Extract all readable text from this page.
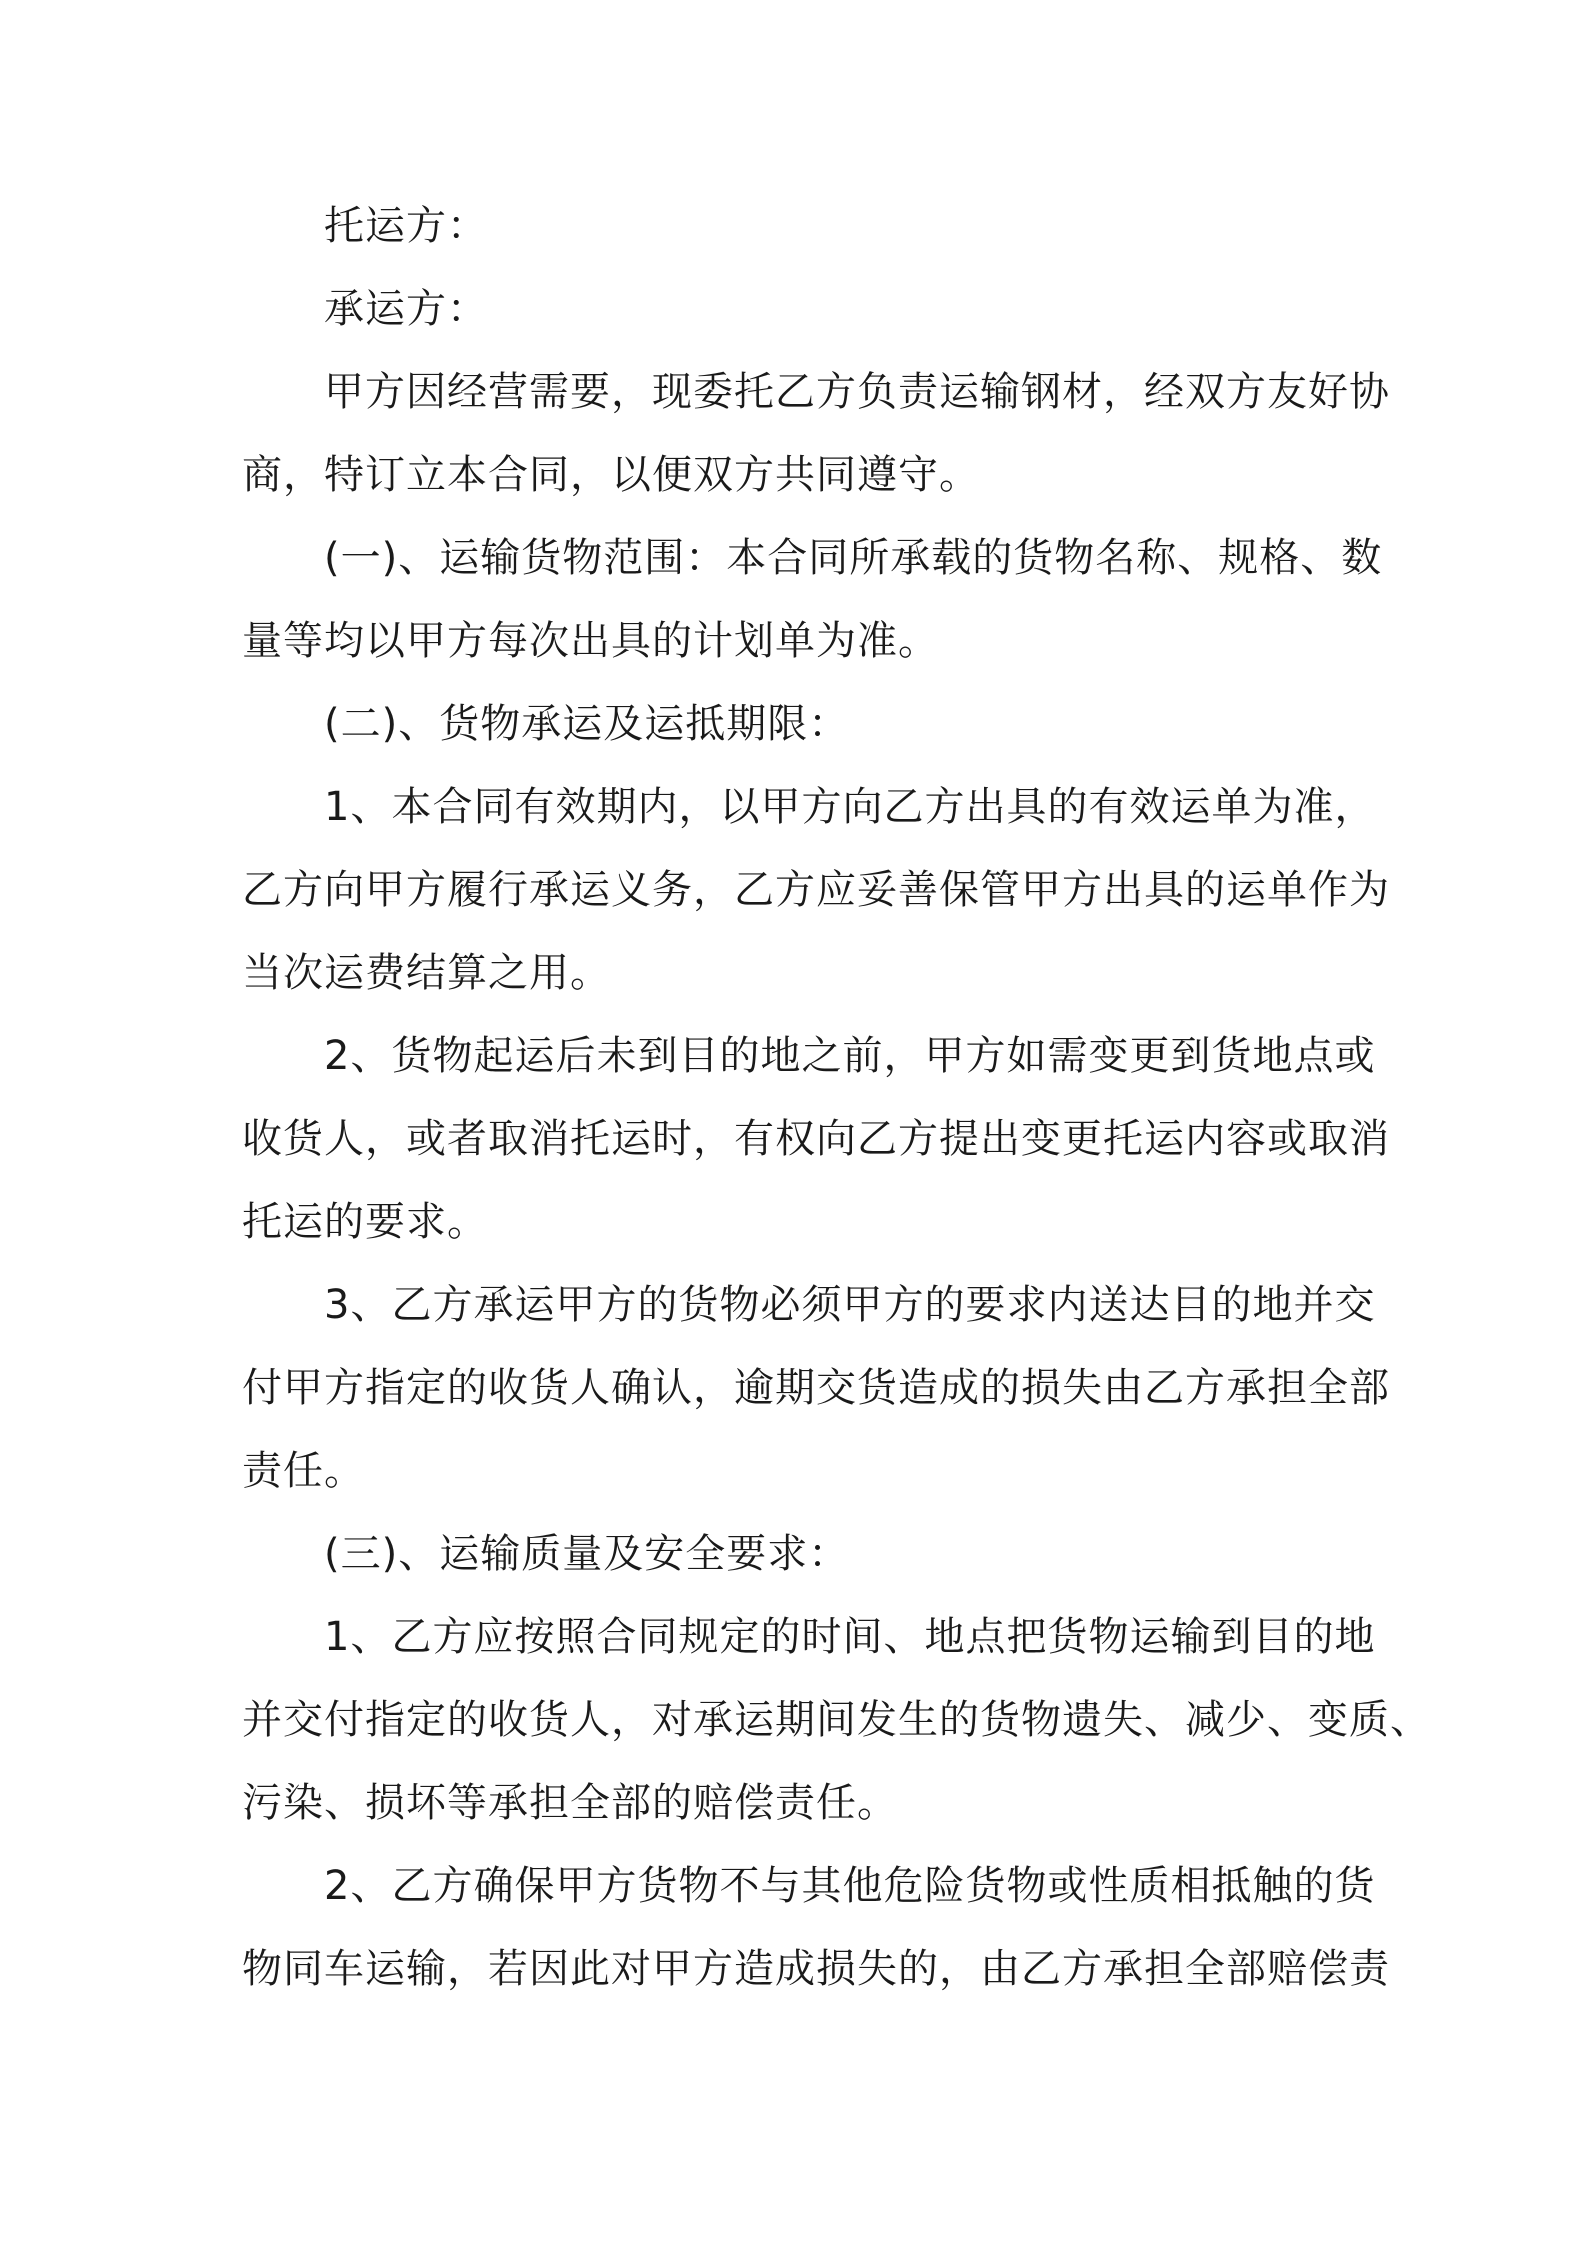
托运方：
承运方：
甲方因经营需要，现委托乙方负责运输钢材，经双方友好协
商，特订立本合同，以便双方共同遵守。
(一)、运输货物范围：本合同所承载的货物名称、规格、数
量等均以甲方每次出具的计划单为准。
(二)、货物承运及运抵期限：
1、本合同有效期内，以甲方向乙方出具的有效运单为准，
乙方向甲方履行承运义务，乙方应妥善保管甲方出具的运单作为
当次运费结算之用。
2、货物起运后未到目的地之前，甲方如需变更到货地点或
收货人，或者取消托运时，有权向乙方提出变更托运内容或取消
托运的要求。
3、乙方承运甲方的货物必须甲方的要求内送达目的地并交
付甲方指定的收货人确认，逾期交货造成的损失由乙方承担全部
责任。
(三)、运输质量及安全要求：
1、乙方应按照合同规定的时间、地点把货物运输到目的地
并交付指定的收货人，对承运期间发生的货物遗失、减少、变质、
污染、损坏等承担全部的赔偿责任。
2、乙方确保甲方货物不与其他危险货物或性质相抵触的货
物同车运输，若因此对甲方造成损失的，由乙方承担全部赔偿责
